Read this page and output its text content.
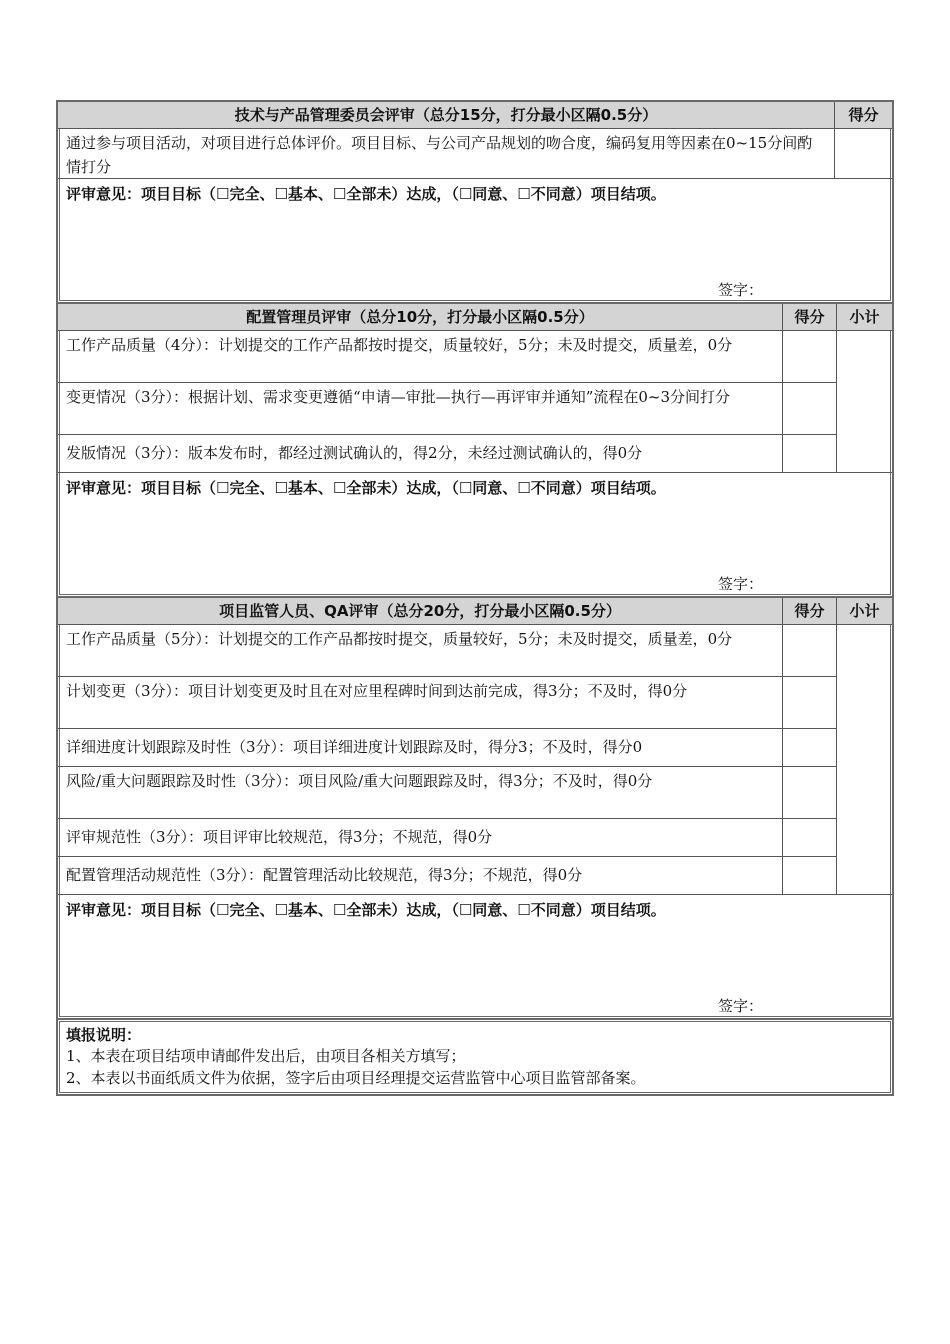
技术与产品管理委员会评审（总分15分，打分最小区隔0.5分）	得分
通过参与项目活动，对项目进行总体评价。项目目标、与公司产品规划的吻合度，编码复用等因素在0~15分间酌情打分
评审意见：项目目标（☐完全、☐基本、☐全部未）达成，（☐同意、☐不同意）项目结项。
签字：
配置管理员评审（总分10分，打分最小区隔0.5分）	得分	小计
工作产品质量（4分）：计划提交的工作产品都按时提交，质量较好，5分；未及时提交，质量差，0分
变更情况（3分）：根据计划、需求变更遵循“申请—审批—执行—再评审并通知”流程在0~3分间打分
发版情况（3分）：版本发布时，都经过测试确认的，得2分，未经过测试确认的，得0分
评审意见：项目目标（☐完全、☐基本、☐全部未）达成，（☐同意、☐不同意）项目结项。
签字：
项目监管人员、QA评审（总分20分，打分最小区隔0.5分）	得分	小计
工作产品质量（5分）：计划提交的工作产品都按时提交，质量较好，5分；未及时提交，质量差，0分
计划变更（3分）：项目计划变更及时且在对应里程碑时间到达前完成，得3分；不及时，得0分
详细进度计划跟踪及时性（3分）：项目详细进度计划跟踪及时，得分3；不及时，得分0
风险/重大问题跟踪及时性（3分）：项目风险/重大问题跟踪及时，得3分；不及时，得0分
评审规范性（3分）：项目评审比较规范，得3分；不规范，得0分
配置管理活动规范性（3分）：配置管理活动比较规范，得3分；不规范，得0分
评审意见：项目目标（☐完全、☐基本、☐全部未）达成，（☐同意、☐不同意）项目结项。
签字：
填报说明：
1、本表在项目结项申请邮件发出后，由项目各相关方填写；
2、本表以书面纸质文件为依据，签字后由项目经理提交运营监管中心项目监管部备案。
